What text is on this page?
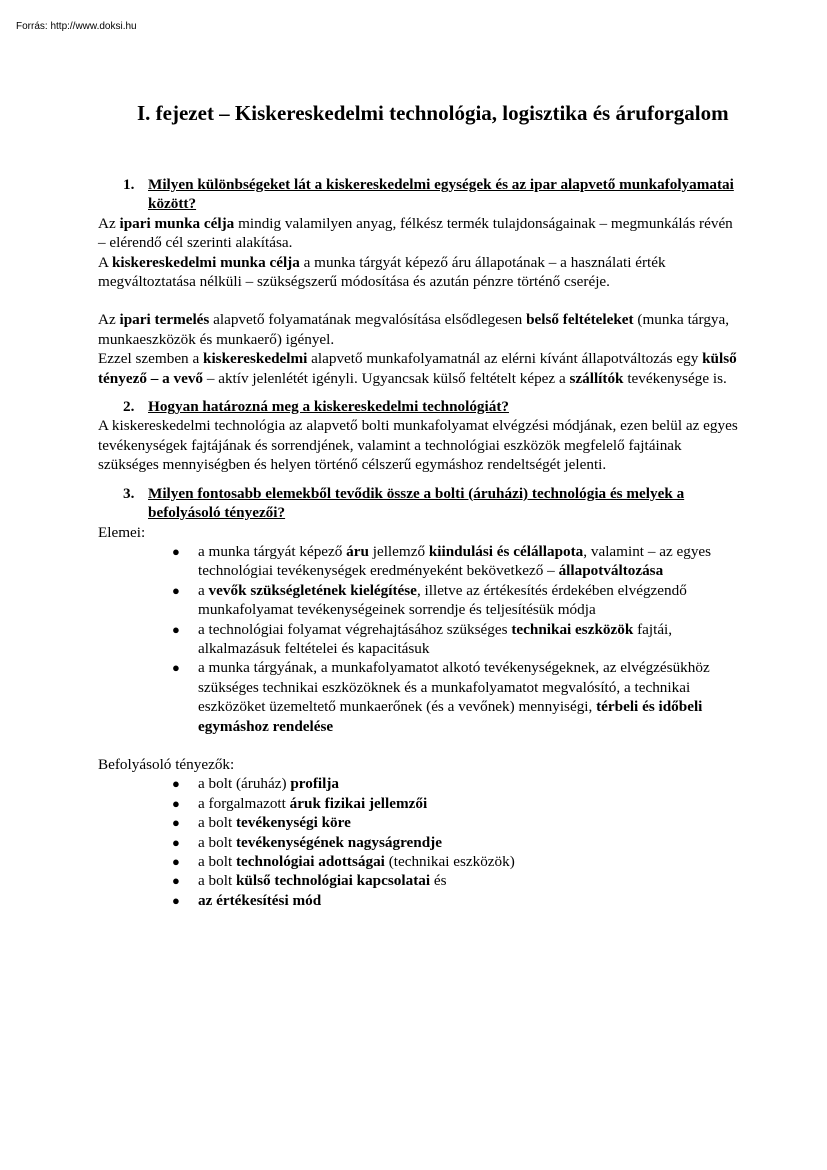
Forrás: http://www.doksi.hu
I. fejezet – Kiskereskedelmi technológia, logisztika és áruforgalom
1. Milyen különbségeket lát a kiskereskedelmi egységek és az ipar alapvető munkafolyamatai között?

Az ipari munka célja mindig valamilyen anyag, félkész termék tulajdonságainak – megmunkálás révén – elérendő cél szerinti alakítása.

A kiskereskedelmi munka célja a munka tárgyát képező áru állapotának – a használati érték megváltoztatása nélküli – szükségszerű módosítása és azután pénzre történő cseréje.

Az ipari termelés alapvető folyamatának megvalósítása elsődlegesen belső feltételeket (munka tárgya, munkaeszközök és munkaerő) igényel.

Ezzel szemben a kiskereskedelmi alapvető munkafolyamatnál az elérni kívánt állapotváltozás egy külső tényező – a vevő – aktív jelenlétét igényli. Ugyancsak külső feltételt képez a szállítók tevékenysége is.

2. Hogyan határozná meg a kiskereskedelmi technológiát?

A kiskereskedelmi technológia az alapvető bolti munkafolyamat elvégzési módjának, ezen belül az egyes tevékenységek fajtájának és sorrendjének, valamint a technológiai eszközök megfelelő fajtáinak szükséges mennyiségben és helyen történő célszerű egymáshoz rendeltségét jelenti.

3. Milyen fontosabb elemekből tevődik össze a bolti (áruházi) technológia és melyek a befolyásoló tényezői?

Elemei:

● a munka tárgyát képező áru jellemző kiindulási és célállapota, valamint – az egyes technológiai tevékenységek eredményeként bekövetkező – állapotváltozása
● a vevők szükségletének kielégítése, illetve az értékesítés érdekében elvégzendő munkafolyamat tevékenységeinek sorrendje és teljesítésük módja
● a technológiai folyamat végrehajtásához szükséges technikai eszközök fajtái, alkalmazásuk feltételei és kapacitásuk
● a munka tárgyának, a munkafolyamatot alkotó tevékenységeknek, az elvégzésükhöz szükséges technikai eszközöknek és a munkafolyamatot megvalósító, a technikai eszközöket üzemeltető munkaerőnek (és a vevőnek) mennyiségi, térbeli és időbeli egymáshoz rendelése

Befolyásoló tényezők:

● a bolt (áruház) profilja
● a forgalmazott áruk fizikai jellemzői
● a bolt tevékenységi köre
● a bolt tevékenységének nagyságrendje
● a bolt technológiai adottságai (technikai eszközök)
● a bolt külső technológiai kapcsolatai és
● az értékesítési mód
